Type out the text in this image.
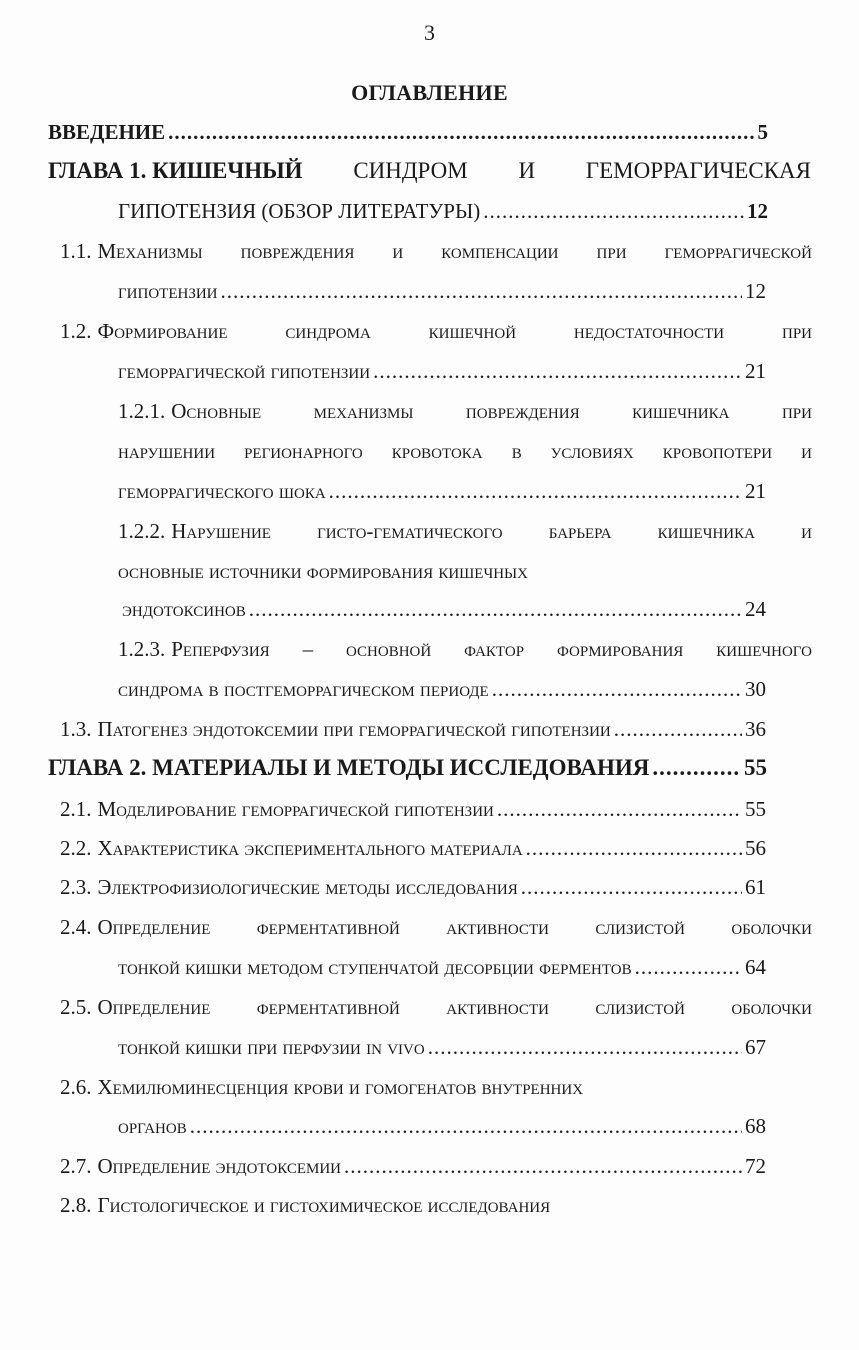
3
ОГЛАВЛЕНИЕ
ВВЕДЕНИЕ .....	5
ГЛАВА 1. КИШЕЧНЫЙ СИНДРОМ И ГЕМОРРАГИЧЕСКАЯ
ГИПОТЕНЗИЯ (ОБЗОР ЛИТЕРАТУРЫ) .....	12
1.1. Механизмы повреждения и компенсации при геморрагической
гипотензии .....	12
1.2. Формирование	синдрома	кишечной	недостаточности	при
геморрагической гипотензии .....	21
1.2.1. Основные механизмы повреждения кишечника при
нарушении регионарного кровотока в условиях кровопотери и
геморрагического шока .....	21
1.2.2. Нарушение гисто-гематического барьера кишечника и
основные источники формирования кишечных
эндотоксинов .....	24
1.2.3. Реперфузия – основной фактор формирования кишечного
синдрома в постгеморрагическом периоде .....	30
1.3. Патогенез эндотоксемии при геморрагической гипотензии .....	36
ГЛАВА 2. МАТЕРИАЛЫ И МЕТОДЫ ИССЛЕДОВАНИЯ .....	55
2.1. Моделирование геморрагической гипотензии .....	55
2.2. Характеристика экспериментального материала .....	56
2.3. Электрофизиологические методы исследования .....	61
2.4. Определение ферментативной активности слизистой оболочки
тонкой кишки методом ступенчатой десорбции ферментов .....	64
2.5. Определение ферментативной активности слизистой оболочки
тонкой кишки при перфузии in vivo .....	67
2.6. Хемилюминесценция крови и гомогенатов внутренних
органов .....	68
2.7. Определение эндотоксемии .....	72
2.8. Гистологическое и гистохимическое исследования
